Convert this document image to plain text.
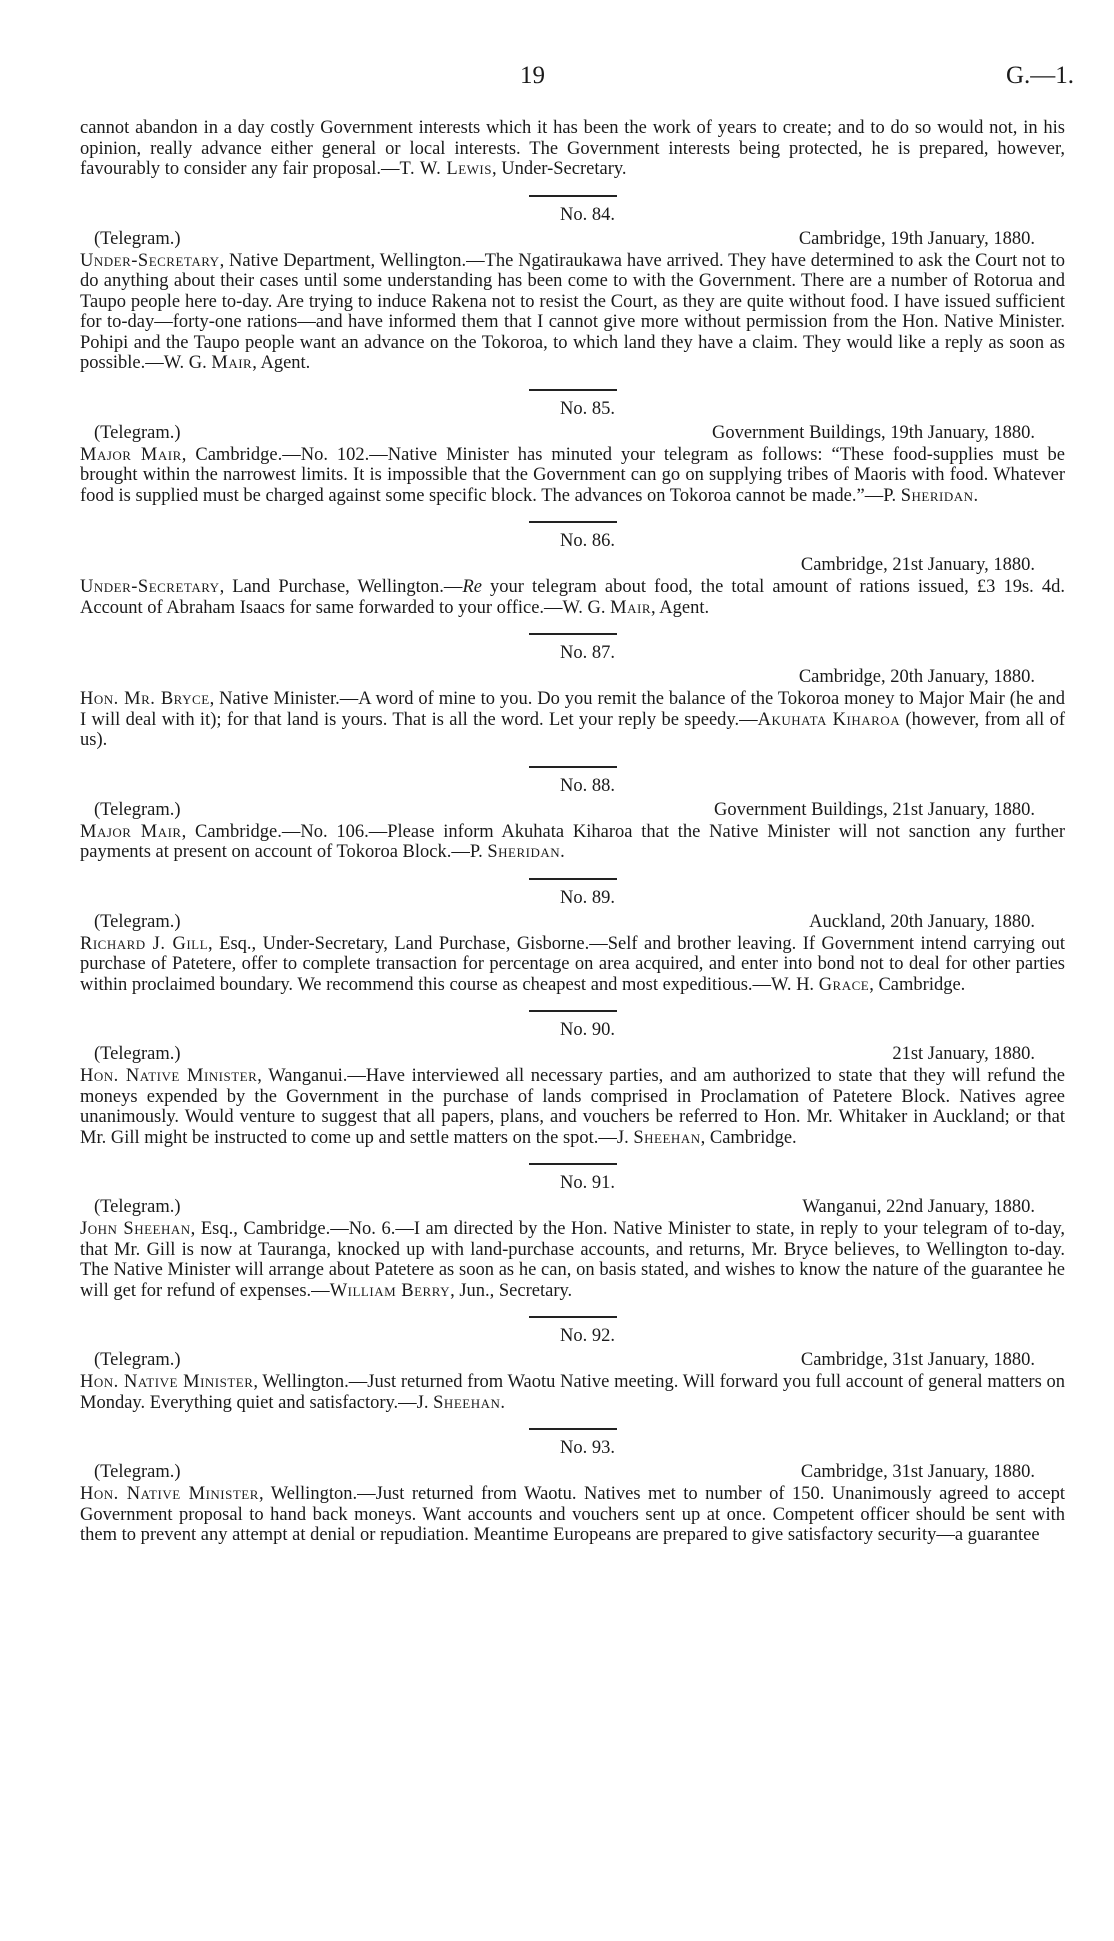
19	G.—1.

cannot abandon in a day costly Government interests which it has been the work of years to create; and to do so would not, in his opinion, really advance either general or local interests. The Government interests being protected, he is prepared, however, favourably to consider any fair proposal.—T. W. Lewis, Under-Secretary.

No. 84.
(Telegram.)	Cambridge, 19th January, 1880.

Under-Secretary, Native Department, Wellington.—The Ngatiraukawa have arrived. They have determined to ask the Court not to do anything about their cases until some understanding has been come to with the Government. There are a number of Rotorua and Taupo people here to-day. Are trying to induce Rakena not to resist the Court, as they are quite without food. I have issued sufficient for to-day—forty-one rations—and have informed them that I cannot give more without permission from the Hon. Native Minister. Pohipi and the Taupo people want an advance on the Tokoroa, to which land they have a claim. They would like a reply as soon as possible.—W. G. Mair, Agent.

No. 85.
(Telegram.)	Government Buildings, 19th January, 1880.

Major Mair, Cambridge.—No. 102.—Native Minister has minuted your telegram as follows: “These food-supplies must be brought within the narrowest limits. It is impossible that the Government can go on supplying tribes of Maoris with food. Whatever food is supplied must be charged against some specific block. The advances on Tokoroa cannot be made.”—P. Sheridan.

No. 86.
Cambridge, 21st January, 1880.

Under-Secretary, Land Purchase, Wellington.—Re your telegram about food, the total amount of rations issued, £3 19s. 4d. Account of Abraham Isaacs for same forwarded to your office.—W. G. Mair, Agent.

No. 87.
Cambridge, 20th January, 1880.

Hon. Mr. Bryce, Native Minister.—A word of mine to you. Do you remit the balance of the Tokoroa money to Major Mair (he and I will deal with it); for that land is yours. That is all the word. Let your reply be speedy.—Akuhata Kiharoa (however, from all of us).

No. 88.
(Telegram.)	Government Buildings, 21st January, 1880.

Major Mair, Cambridge.—No. 106.—Please inform Akuhata Kiharoa that the Native Minister will not sanction any further payments at present on account of Tokoroa Block.—P. Sheridan.

No. 89.
(Telegram.)	Auckland, 20th January, 1880.

Richard J. Gill, Esq., Under-Secretary, Land Purchase, Gisborne.—Self and brother leaving. If Government intend carrying out purchase of Patetere, offer to complete transaction for percentage on area acquired, and enter into bond not to deal for other parties within proclaimed boundary. We recommend this course as cheapest and most expeditious.—W. H. Grace, Cambridge.

No. 90.
(Telegram.)	21st January, 1880.

Hon. Native Minister, Wanganui.—Have interviewed all necessary parties, and am authorized to state that they will refund the moneys expended by the Government in the purchase of lands comprised in Proclamation of Patetere Block. Natives agree unanimously. Would venture to suggest that all papers, plans, and vouchers be referred to Hon. Mr. Whitaker in Auckland; or that Mr. Gill might be instructed to come up and settle matters on the spot.—J. Sheehan, Cambridge.

No. 91.
(Telegram.)	Wanganui, 22nd January, 1880.

John Sheehan, Esq., Cambridge.—No. 6.—I am directed by the Hon. Native Minister to state, in reply to your telegram of to-day, that Mr. Gill is now at Tauranga, knocked up with land-purchase accounts, and returns, Mr. Bryce believes, to Wellington to-day. The Native Minister will arrange about Patetere as soon as he can, on basis stated, and wishes to know the nature of the guarantee he will get for refund of expenses.—William Berry, Jun., Secretary.

No. 92.
(Telegram.)	Cambridge, 31st January, 1880.

Hon. Native Minister, Wellington.—Just returned from Waotu Native meeting. Will forward you full account of general matters on Monday. Everything quiet and satisfactory.—J. Sheehan.

No. 93.
(Telegram.)	Cambridge, 31st January, 1880.

Hon. Native Minister, Wellington.—Just returned from Waotu. Natives met to number of 150. Unanimously agreed to accept Government proposal to hand back moneys. Want accounts and vouchers sent up at once. Competent officer should be sent with them to prevent any attempt at denial or repudiation. Meantime Europeans are prepared to give satisfactory security—a guarantee
